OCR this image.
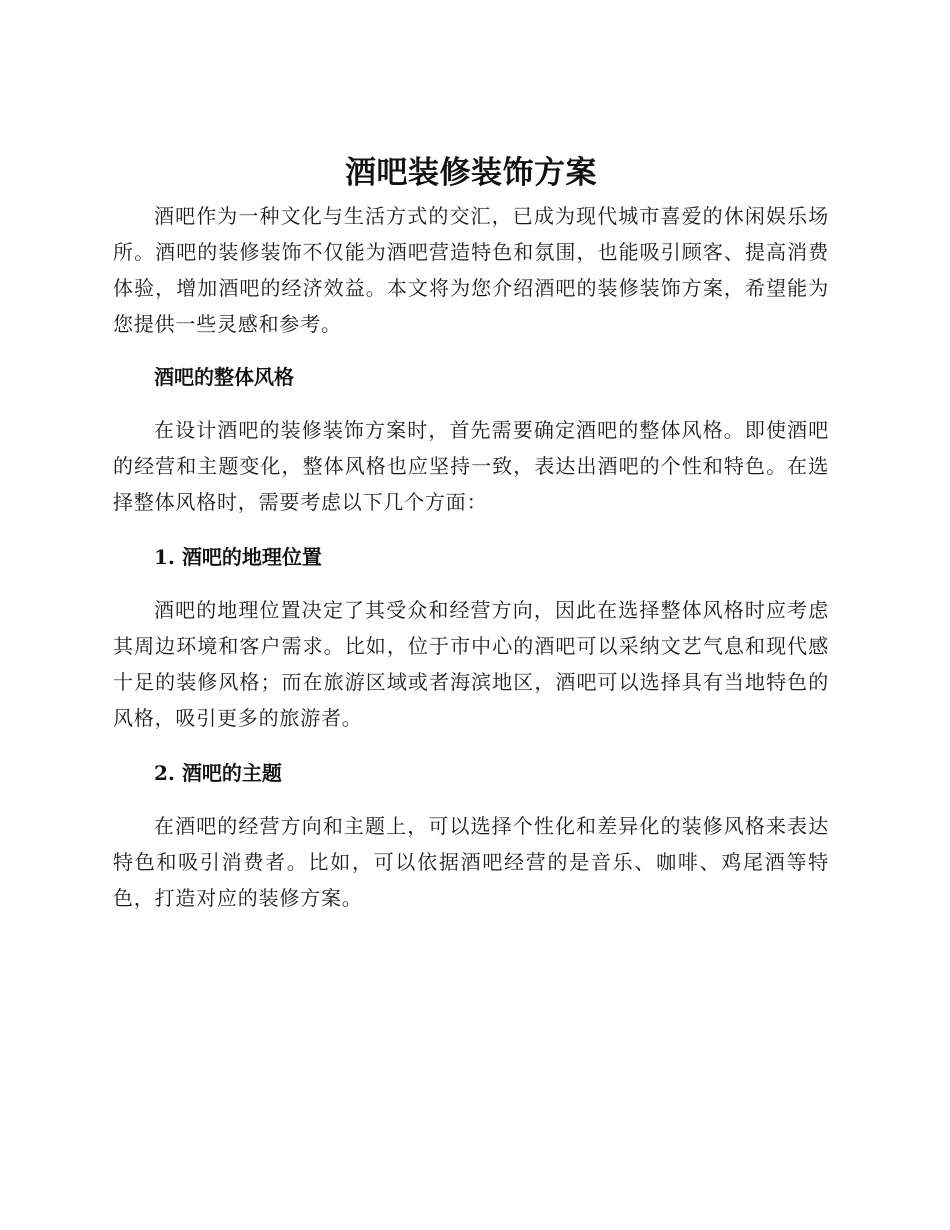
酒吧装修装饰方案

酒吧作为一种文化与生活方式的交汇，已成为现代城市喜爱的休闲娱乐场所。酒吧的装修装饰不仅能为酒吧营造特色和氛围，也能吸引顾客、提高消费体验，增加酒吧的经济效益。本文将为您介绍酒吧的装修装饰方案，希望能为您提供一些灵感和参考。

酒吧的整体风格

在设计酒吧的装修装饰方案时，首先需要确定酒吧的整体风格。即使酒吧的经营和主题变化，整体风格也应坚持一致，表达出酒吧的个性和特色。在选择整体风格时，需要考虑以下几个方面：

1. 酒吧的地理位置

酒吧的地理位置决定了其受众和经营方向，因此在选择整体风格时应考虑其周边环境和客户需求。比如，位于市中心的酒吧可以采纳文艺气息和现代感十足的装修风格；而在旅游区域或者海滨地区，酒吧可以选择具有当地特色的风格，吸引更多的旅游者。

2. 酒吧的主题

在酒吧的经营方向和主题上，可以选择个性化和差异化的装修风格来表达特色和吸引消费者。比如，可以依据酒吧经营的是音乐、咖啡、鸡尾酒等特色，打造对应的装修方案。
